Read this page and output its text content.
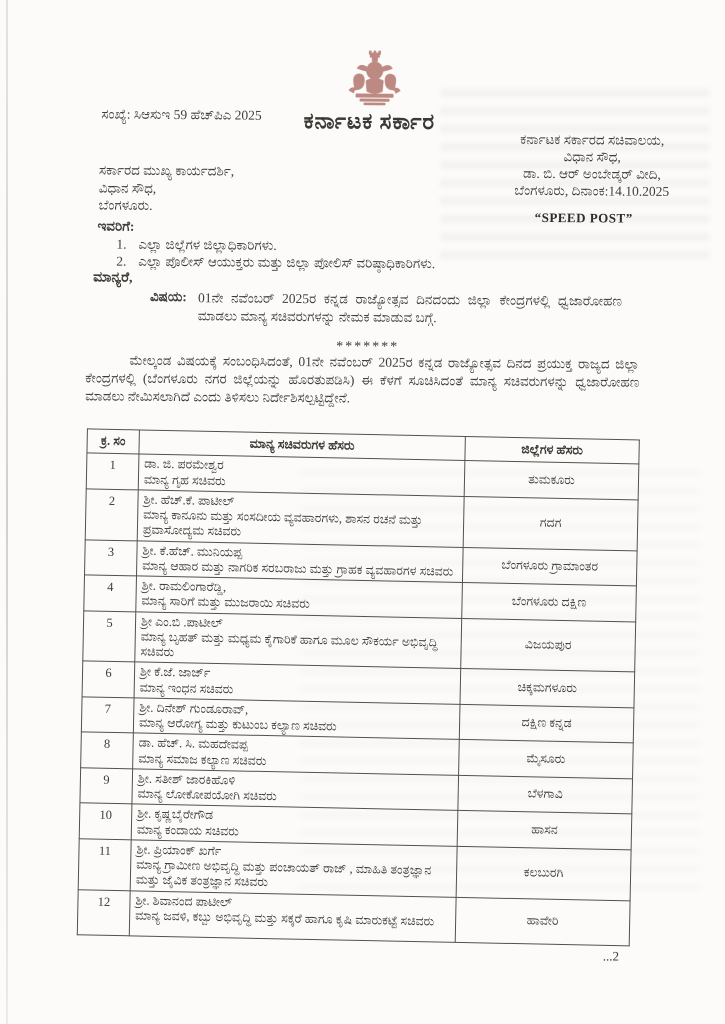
ಕರ್ನಾಟಕ ಸರ್ಕಾರ
ಸಂಖ್ಯೆ: ಸಿಆಸುಇ 59 ಹೆಚ್‌ಪಿಎ 2025
ಕರ್ನಾಟಕ ಸರ್ಕಾರದ ಸಚಿವಾಲಯ,
ವಿಧಾನ ಸೌಧ,
ಡಾ. ಬಿ. ಆರ್ ಅಂಬೇಡ್ಕರ್ ವೀದಿ,
ಬೆಂಗಳೂರು, ದಿನಾಂಕ:14.10.2025
“SPEED POST”
ಸರ್ಕಾರದ ಮುಖ್ಯ ಕಾರ್ಯದರ್ಶಿ,
ವಿಧಾನ ಸೌಧ,
ಬೆಂಗಳೂರು.
ಇವರಿಗೆ:
1. ಎಲ್ಲಾ ಜಿಲ್ಲೆಗಳ ಜಿಲ್ಲಾಧಿಕಾರಿಗಳು.
2. ಎಲ್ಲಾ ಪೊಲೀಸ್ ಆಯುಕ್ತರು ಮತ್ತು ಜಿಲ್ಲಾ ಪೋಲಿಸ್ ವರಿಷ್ಠಾಧಿಕಾರಿಗಳು.
ಮಾನ್ಯರೆ,
ವಿಷಯ: 01ನೇ ನವೆಂಬರ್ 2025ರ ಕನ್ನಡ ರಾಜ್ಯೋತ್ಸವ ದಿನದಂದು ಜಿಲ್ಲಾ ಕೇಂದ್ರಗಳಲ್ಲಿ ಧ್ವಜಾರೋಹಣ ಮಾಡಲು ಮಾನ್ಯ ಸಚಿವರುಗಳನ್ನು ನೇಮಕ ಮಾಡುವ ಬಗ್ಗೆ.
*******
ಮೇಲ್ಕಂಡ ವಿಷಯಕ್ಕೆ ಸಂಬಂಧಿಸಿದಂತೆ, 01ನೇ ನವೆಂಬರ್ 2025ರ ಕನ್ನಡ ರಾಜ್ಯೋತ್ಸವ ದಿನದ ಪ್ರಯುಕ್ತ ರಾಜ್ಯದ ಜಿಲ್ಲಾ ಕೇಂದ್ರಗಳಲ್ಲಿ (ಬೆಂಗಳೂರು ನಗರ ಜಿಲ್ಲೆಯನ್ನು ಹೊರತುಪಡಿಸಿ) ಈ ಕೆಳಗೆ ಸೂಚಿಸಿದಂತೆ ಮಾನ್ಯ ಸಚಿವರುಗಳನ್ನು ಧ್ವಜಾರೋಹಣ ಮಾಡಲು ನೇಮಿಸಲಾಗಿದೆ ಎಂದು ತಿಳಿಸಲು ನಿರ್ದೇಶಿಸಲ್ಪಟ್ಟಿದ್ದೇನೆ.
ಕ್ರ. ಸಂ	ಮಾನ್ಯ ಸಚಿವರುಗಳ ಹೆಸರು	ಜಿಲ್ಲೆಗಳ ಹೆಸರು
1	ಡಾ. ಜಿ. ಪರಮೇಶ್ವರ
ಮಾನ್ಯ ಗೃಹ ಸಚಿವರು	ತುಮಕೂರು
2	ಶ್ರೀ. ಹೆಚ್.ಕೆ. ಪಾಟೀಲ್
ಮಾನ್ಯ ಕಾನೂನು ಮತ್ತು ಸಂಸದೀಯ ವ್ಯವಹಾರಗಳು, ಶಾಸನ ರಚನೆ ಮತ್ತು ಪ್ರವಾಸೋದ್ಯಮ ಸಚಿವರು	ಗದಗ
3	ಶ್ರೀ. ಕೆ.ಹೆಚ್. ಮುನಿಯಪ್ಪ
ಮಾನ್ಯ ಆಹಾರ ಮತ್ತು ನಾಗರಿಕ ಸರಬರಾಜು ಮತ್ತು ಗ್ರಾಹಕ ವ್ಯವಹಾರಗಳ ಸಚಿವರು	ಬೆಂಗಳೂರು ಗ್ರಾಮಾಂತರ
4	ಶ್ರೀ. ರಾಮಲಿಂಗಾರೆಡ್ಡಿ,
ಮಾನ್ಯ ಸಾರಿಗೆ ಮತ್ತು ಮುಜರಾಯಿ ಸಚಿವರು	ಬೆಂಗಳೂರು ದಕ್ಷಿಣ
5	ಶ್ರೀ ಎಂ.ಬಿ .ಪಾಟೀಲ್
ಮಾನ್ಯ ಬೃಹತ್ ಮತ್ತು ಮಧ್ಯಮ ಕೈಗಾರಿಕೆ ಹಾಗೂ ಮೂಲ ಸೌಕರ್ಯ ಅಭಿವೃದ್ಧಿ ಸಚಿವರು	ವಿಜಯಪುರ
6	ಶ್ರೀ ಕೆ.ಜೆ. ಜಾರ್ಜ್
ಮಾನ್ಯ ಇಂಧನ ಸಚಿವರು	ಚಿಕ್ಕಮಗಳೂರು
7	ಶ್ರೀ. ದಿನೇಶ್ ಗುಂಡೂರಾವ್,
ಮಾನ್ಯ ಆರೋಗ್ಯ ಮತ್ತು ಕುಟುಂಬ ಕಲ್ಯಾಣ ಸಚಿವರು	ದಕ್ಷಿಣ ಕನ್ನಡ
8	ಡಾ. ಹೆಚ್. ಸಿ. ಮಹದೇವಪ್ಪ
ಮಾನ್ಯ ಸಮಾಜ ಕಲ್ಯಾಣ ಸಚಿವರು	ಮೈಸೂರು
9	ಶ್ರೀ. ಸತೀಶ್ ಜಾರಕಿಹೊಳಿ
ಮಾನ್ಯ ಲೋಕೋಪಯೋಗಿ ಸಚಿವರು	ಬೆಳಗಾವಿ
10	ಶ್ರೀ. ಕೃಷ್ಣಬೈರೇಗೌಡ
ಮಾನ್ಯ ಕಂದಾಯ ಸಚಿವರು	ಹಾಸನ
11	ಶ್ರೀ. ಪ್ರಿಯಾಂಕ್ ಖರ್ಗೆ
ಮಾನ್ಯ ಗ್ರಾಮೀಣ ಅಭಿವೃದ್ಧಿ ಮತ್ತು ಪಂಚಾಯತ್ ರಾಜ್ , ಮಾಹಿತಿ ತಂತ್ರಜ್ಞಾನ ಮತ್ತು ಜೈವಿಕ ತಂತ್ರಜ್ಞಾನ ಸಚಿವರು	ಕಲಬುರಗಿ
12	ಶ್ರೀ. ಶಿವಾನಂದ ಪಾಟೀಲ್
ಮಾನ್ಯ ಜವಳಿ, ಕಬ್ಬು ಅಭಿವೃದ್ಧಿ ಮತ್ತು ಸಕ್ಕರೆ ಹಾಗೂ ಕೃಷಿ ಮಾರುಕಟ್ಟೆ ಸಚಿವರು	ಹಾವೇರಿ
...2
